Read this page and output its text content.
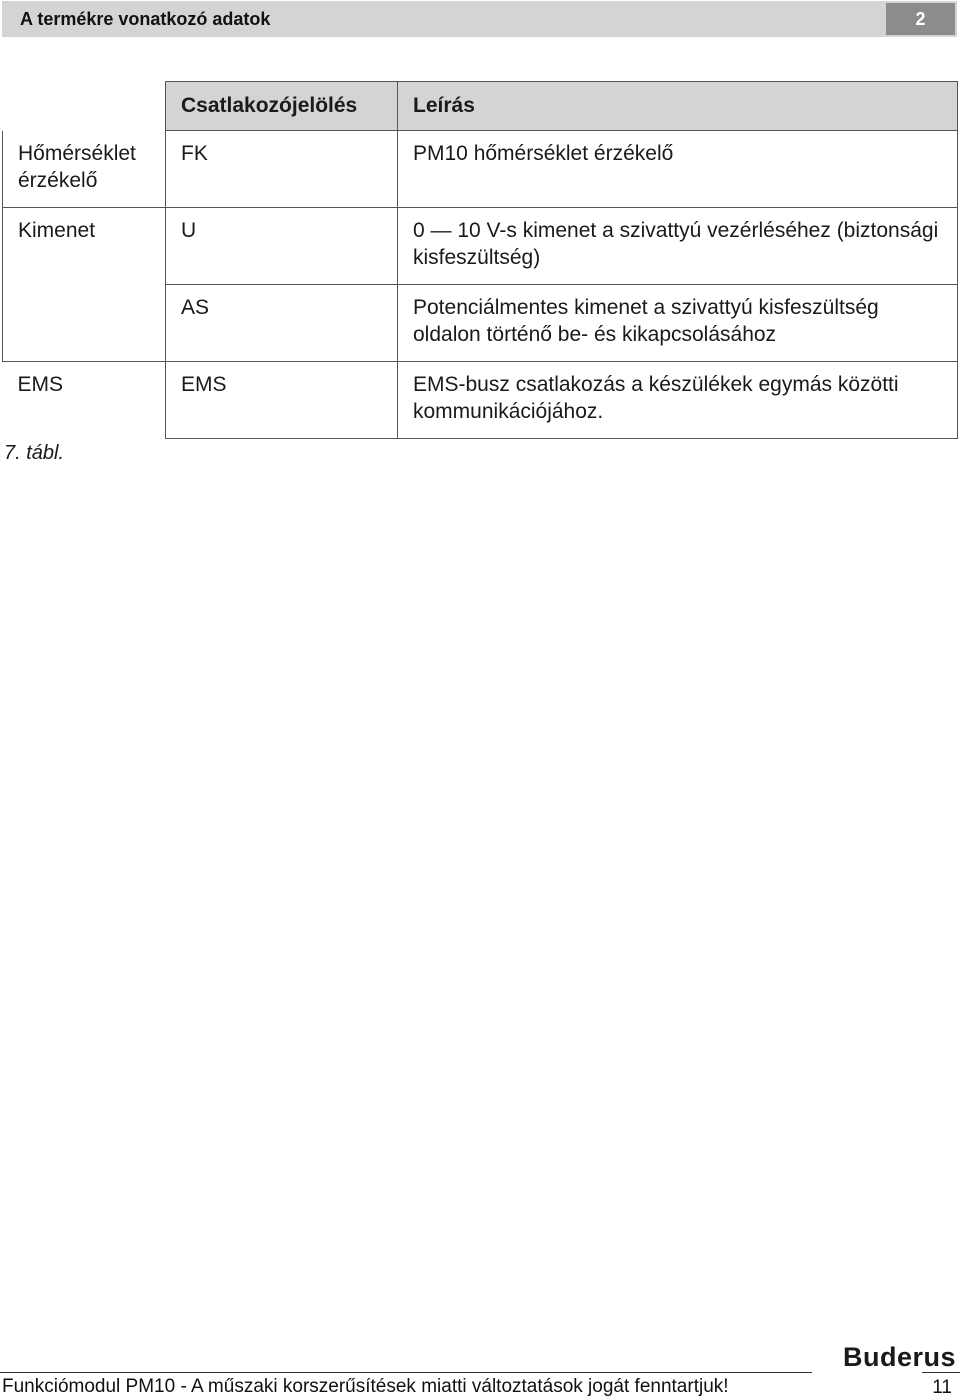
A termékre vonatkozó adatok	2
	Csatlakozójelölés	Leírás
Hőmérséklet érzékelő	FK	PM10 hőmérséklet érzékelő
Kimenet	U	0 — 10 V-s kimenet a szivattyú vezérléséhez (biztonsági kisfeszültség)
	AS	Potenciálmentes kimenet a szivattyú kisfeszültség oldalon történő be- és kikapcsolásához
EMS	EMS	EMS-busz csatlakozás a készülékek egymás közötti kommunikációjához.
7. tábl.
Buderus
Funkciómodul PM10 - A műszaki korszerűsítések miatti változtatások jogát fenntartjuk!	11
